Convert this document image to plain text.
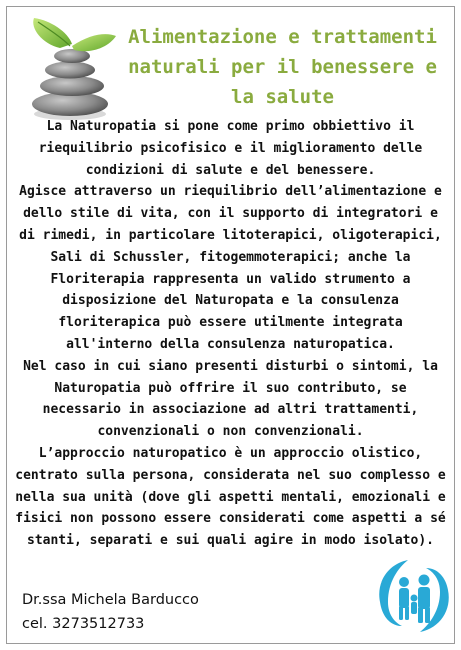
Alimentazione e trattamenti naturali per il benessere e la salute

La Naturopatia si pone come primo obbiettivo il riequilibrio psicofisico e il miglioramento delle condizioni di salute e del benessere.

Agisce attraverso un riequilibrio dell’alimentazione e dello stile di vita, con il supporto di integratori e di rimedi, in particolare litoterapici, oligoterapici, Sali di Schussler, fitogemmoterapici; anche la Floriterapia rappresenta un valido strumento a disposizione del Naturopata e la consulenza floriterapica può essere utilmente integrata all'interno della consulenza naturopatica.

Nel caso in cui siano presenti disturbi o sintomi, la Naturopatia può offrire il suo contributo, se necessario in associazione ad altri trattamenti, convenzionali o non convenzionali.

L’approccio naturopatico è un approccio olistico, centrato sulla persona, considerata nel suo complesso e nella sua unità (dove gli aspetti mentali, emozionali e fisici non possono essere considerati come aspetti a sé stanti, separati e sui quali agire in modo isolato).

Dr.ssa Michela Barducco
cel. 3273512733
